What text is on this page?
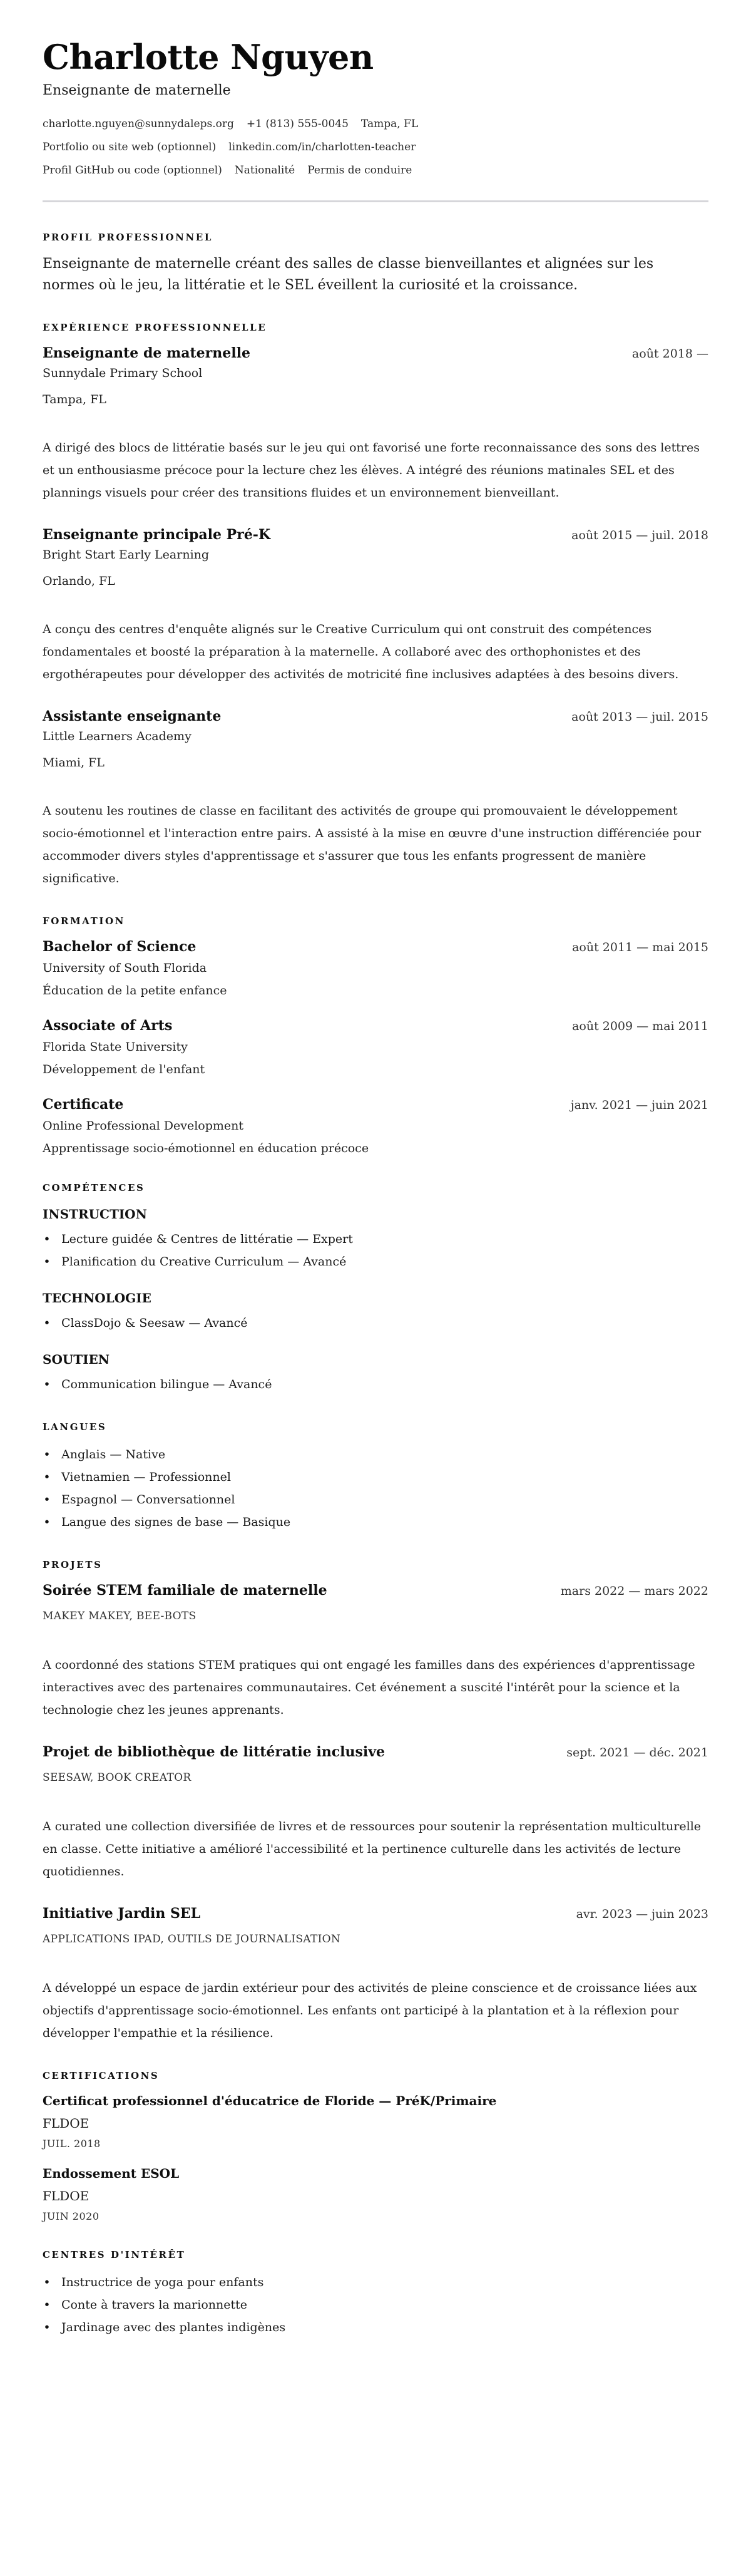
Charlotte Nguyen
Enseignante de maternelle
charlotte.nguyen@sunnydaleps.org +1 (813) 555-0045 Tampa, FL
Portfolio ou site web (optionnel) linkedin.com/in/charlotten-teacher
Profil GitHub ou code (optionnel) Nationalité Permis de conduire
PROFIL PROFESSIONNEL

Enseignante de maternelle créant des salles de classe bienveillantes et alignées sur les normes où le jeu, la littératie et le SEL éveillent la curiosité et la croissance.

EXPÉRIENCE PROFESSIONNELLE
Enseignante de maternelle	août 2018 —
Sunnydale Primary School
Tampa, FL
A dirigé des blocs de littératie basés sur le jeu qui ont favorisé une forte reconnaissance des sons des lettres et un enthousiasme précoce pour la lecture chez les élèves. A intégré des réunions matinales SEL et des plannings visuels pour créer des transitions fluides et un environnement bienveillant.
Enseignante principale Pré-K	août 2015 — juil. 2018
Bright Start Early Learning
Orlando, FL
A conçu des centres d'enquête alignés sur le Creative Curriculum qui ont construit des compétences fondamentales et boosté la préparation à la maternelle. A collaboré avec des orthophonistes et des ergothérapeutes pour développer des activités de motricité fine inclusives adaptées à des besoins divers.
Assistante enseignante	août 2013 — juil. 2015
Little Learners Academy
Miami, FL
A soutenu les routines de classe en facilitant des activités de groupe qui promouvaient le développement socio-émotionnel et l'interaction entre pairs. A assisté à la mise en œuvre d'une instruction différenciée pour accommoder divers styles d'apprentissage et s'assurer que tous les enfants progressent de manière significative.
FORMATION
Bachelor of Science	août 2011 — mai 2015
University of South Florida
Éducation de la petite enfance
Associate of Arts	août 2009 — mai 2011
Florida State University
Développement de l'enfant
Certificate	janv. 2021 — juin 2021
Online Professional Development
Apprentissage socio-émotionnel en éducation précoce
COMPÉTENCES
INSTRUCTION
• Lecture guidée & Centres de littératie — Expert
• Planification du Creative Curriculum — Avancé
TECHNOLOGIE
• ClassDojo & Seesaw — Avancé
SOUTIEN
• Communication bilingue — Avancé
LANGUES
• Anglais — Native
• Vietnamien — Professionnel
• Espagnol — Conversationnel
• Langue des signes de base — Basique
PROJETS
Soirée STEM familiale de maternelle	mars 2022 — mars 2022
MAKEY MAKEY, BEE-BOTS
A coordonné des stations STEM pratiques qui ont engagé les familles dans des expériences d'apprentissage interactives avec des partenaires communautaires. Cet événement a suscité l'intérêt pour la science et la technologie chez les jeunes apprenants.
Projet de bibliothèque de littératie inclusive	sept. 2021 — déc. 2021
SEESAW, BOOK CREATOR
A curated une collection diversifiée de livres et de ressources pour soutenir la représentation multiculturelle en classe. Cette initiative a amélioré l'accessibilité et la pertinence culturelle dans les activités de lecture quotidiennes.
Initiative Jardin SEL	avr. 2023 — juin 2023
APPLICATIONS IPAD, OUTILS DE JOURNALISATION
A développé un espace de jardin extérieur pour des activités de pleine conscience et de croissance liées aux objectifs d'apprentissage socio-émotionnel. Les enfants ont participé à la plantation et à la réflexion pour développer l'empathie et la résilience.
CERTIFICATIONS
Certificat professionnel d'éducatrice de Floride — PréK/Primaire
FLDOE
JUIL. 2018
Endossement ESOL
FLDOE
JUIN 2020
CENTRES D'INTÉRÊT
• Instructrice de yoga pour enfants
• Conte à travers la marionnette
• Jardinage avec des plantes indigènes
